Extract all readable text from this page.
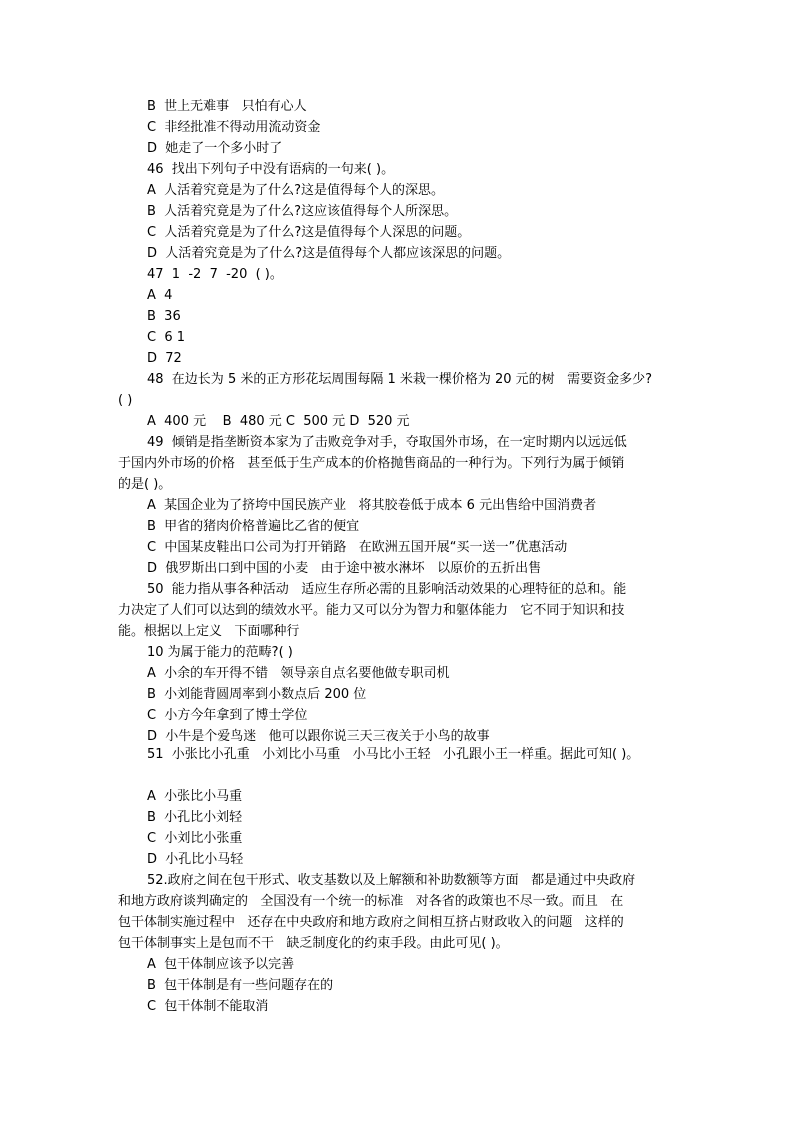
B  世上无难事   只怕有心人
C  非经批准不得动用流动资金
D  她走了一个多小时了
46  找出下列句子中没有语病的一句来( )。
A  人活着究竟是为了什么?这是值得每个人的深思。
B  人活着究竟是为了什么?这应该值得每个人所深思。
C  人活着究竟是为了什么?这是值得每个人深思的问题。
D  人活着究竟是为了什么?这是值得每个人都应该深思的问题。
47  1  -2  7  -20  ( )。
A  4
B  36
C  6 1
D  72
48  在边长为 5 米的正方形花坛周围每隔 1 米栽一棵价格为 20 元的树   需要资金多少?
( )
A  400 元    B  480 元 C  500 元 D  520 元
49  倾销是指垄断资本家为了击败竞争对手，夺取国外市场，在一定时期内以远远低
于国内外市场的价格   甚至低于生产成本的价格抛售商品的一种行为。下列行为属于倾销
的是( )。
A  某国企业为了挤垮中国民族产业   将其胶卷低于成本 6 元出售给中国消费者
B  甲省的猪肉价格普遍比乙省的便宜
C  中国某皮鞋出口公司为打开销路   在欧洲五国开展“买一送一”优惠活动
D  俄罗斯出口到中国的小麦   由于途中被水淋坏   以原价的五折出售
50  能力指从事各种活动   适应生存所必需的且影响活动效果的心理特征的总和。能
力决定了人们可以达到的绩效水平。能力又可以分为智力和躯体能力   它不同于知识和技
能。根据以上定义   下面哪种行
10 为属于能力的范畴?( )
A  小余的车开得不错   领导亲自点名要他做专职司机
B  小刘能背圆周率到小数点后 200 位
C  小方今年拿到了博士学位
D  小牛是个爱鸟迷   他可以跟你说三天三夜关于小鸟的故事
51  小张比小孔重   小刘比小马重   小马比小王轻   小孔跟小王一样重。据此可知( )。
A  小张比小马重
B  小孔比小刘轻
C  小刘比小张重
D  小孔比小马轻
52.政府之间在包干形式、收支基数以及上解额和补助数额等方面   都是通过中央政府
和地方政府谈判确定的   全国没有一个统一的标准   对各省的政策也不尽一致。而且   在
包干体制实施过程中   还存在中央政府和地方政府之间相互挤占财政收入的问题   这样的
包干体制事实上是包而不干   缺乏制度化的约束手段。由此可见( )。
A  包干体制应该予以完善
B  包干体制是有一些问题存在的
C  包干体制不能取消
